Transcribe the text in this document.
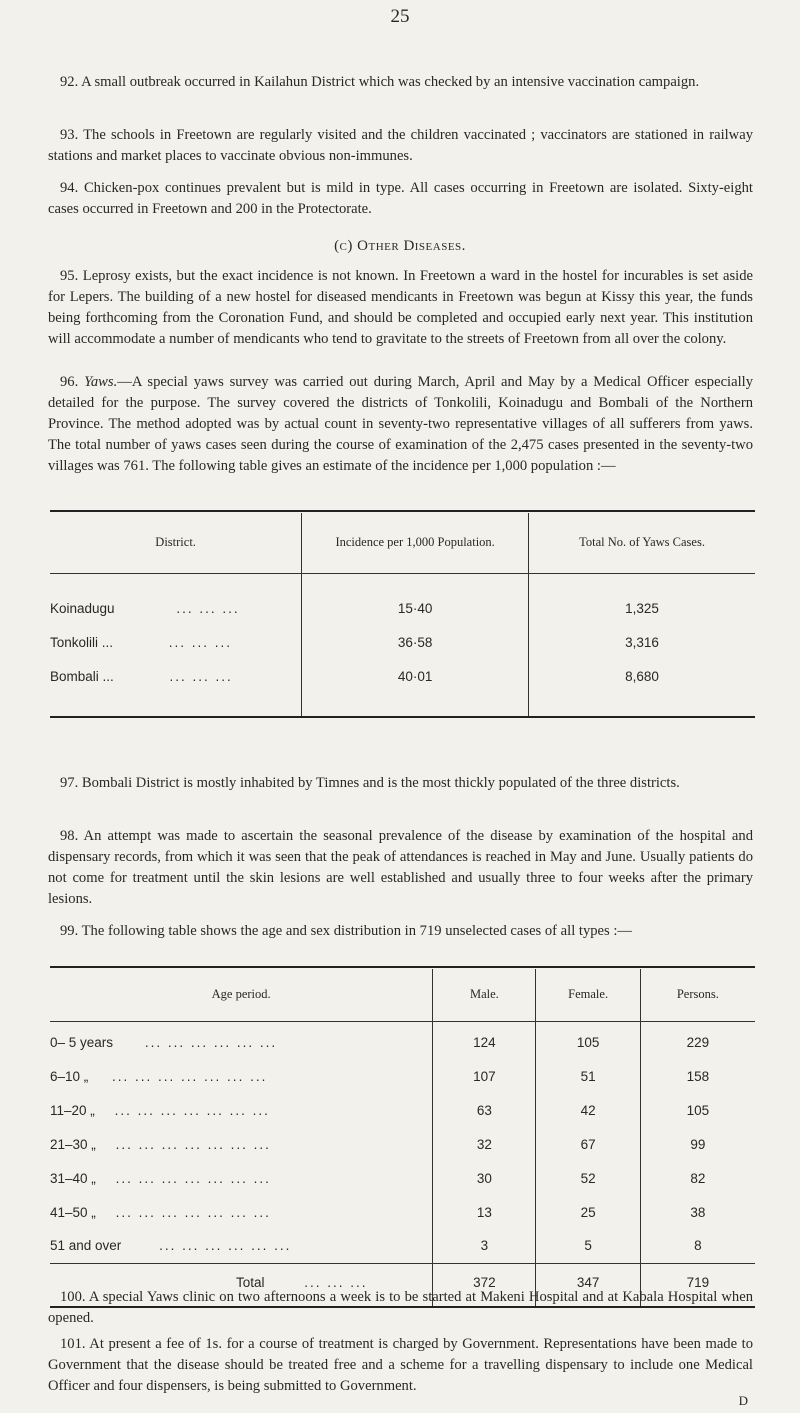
25
92. A small outbreak occurred in Kailahun District which was checked by an intensive vaccination campaign.
93. The schools in Freetown are regularly visited and the children vaccinated ; vaccinators are stationed in railway stations and market places to vaccinate obvious non-immunes.
94. Chicken-pox continues prevalent but is mild in type. All cases occurring in Freetown are isolated. Sixty-eight cases occurred in Freetown and 200 in the Protectorate.
(c) Other Diseases.
95. Leprosy exists, but the exact incidence is not known. In Freetown a ward in the hostel for incurables is set aside for Lepers. The building of a new hostel for diseased mendicants in Freetown was begun at Kissy this year, the funds being forthcoming from the Coronation Fund, and should be completed and occupied early next year. This institution will accommodate a number of mendicants who tend to gravitate to the streets of Freetown from all over the colony.
96. Yaws.—A special yaws survey was carried out during March, April and May by a Medical Officer especially detailed for the purpose. The survey covered the districts of Tonkolili, Koinadugu and Bombali of the Northern Province. The method adopted was by actual count in seventy-two representative villages of all sufferers from yaws. The total number of yaws cases seen during the course of examination of the 2,475 cases presented in the seventy-two villages was 761. The following table gives an estimate of the incidence per 1,000 population :—

District.	Incidence per 1,000 Population.	Total No. of Yaws Cases.

Koinadugu ... ... ...	15·40	1,325
Tonkolili ... ... ... ...	36·58	3,316
Bombali ... ... ... ...	40·01	8,680

97. Bombali District is mostly inhabited by Timnes and is the most thickly populated of the three districts.
98. An attempt was made to ascertain the seasonal prevalence of the disease by examination of the hospital and dispensary records, from which it was seen that the peak of attendances is reached in May and June. Usually patients do not come for treatment until the skin lesions are well established and usually three to four weeks after the primary lesions.
99. The following table shows the age and sex distribution in 719 unselected cases of all types :—

Age period.	Male.	Female.	Persons.

0– 5 years ... ... ... ... ... ...	124	105	229
6–10 „ ... ... ... ... ... ... ...	107	51	158
11–20 „ ... ... ... ... ... ... ...	63	42	105
21–30 „ ... ... ... ... ... ... ...	32	67	99
31–40 „ ... ... ... ... ... ... ...	30	52	82
41–50 „ ... ... ... ... ... ... ...	13	25	38
51 and over ... ... ... ... ... ...	3	5	8
Total ... ... ...	372	347	719

100. A special Yaws clinic on two afternoons a week is to be started at Makeni Hospital and at Kabala Hospital when opened.
101. At present a fee of 1s. for a course of treatment is charged by Government. Representations have been made to Government that the disease should be treated free and a scheme for a travelling dispensary to include one Medical Officer and four dispensers, is being submitted to Government.
D
